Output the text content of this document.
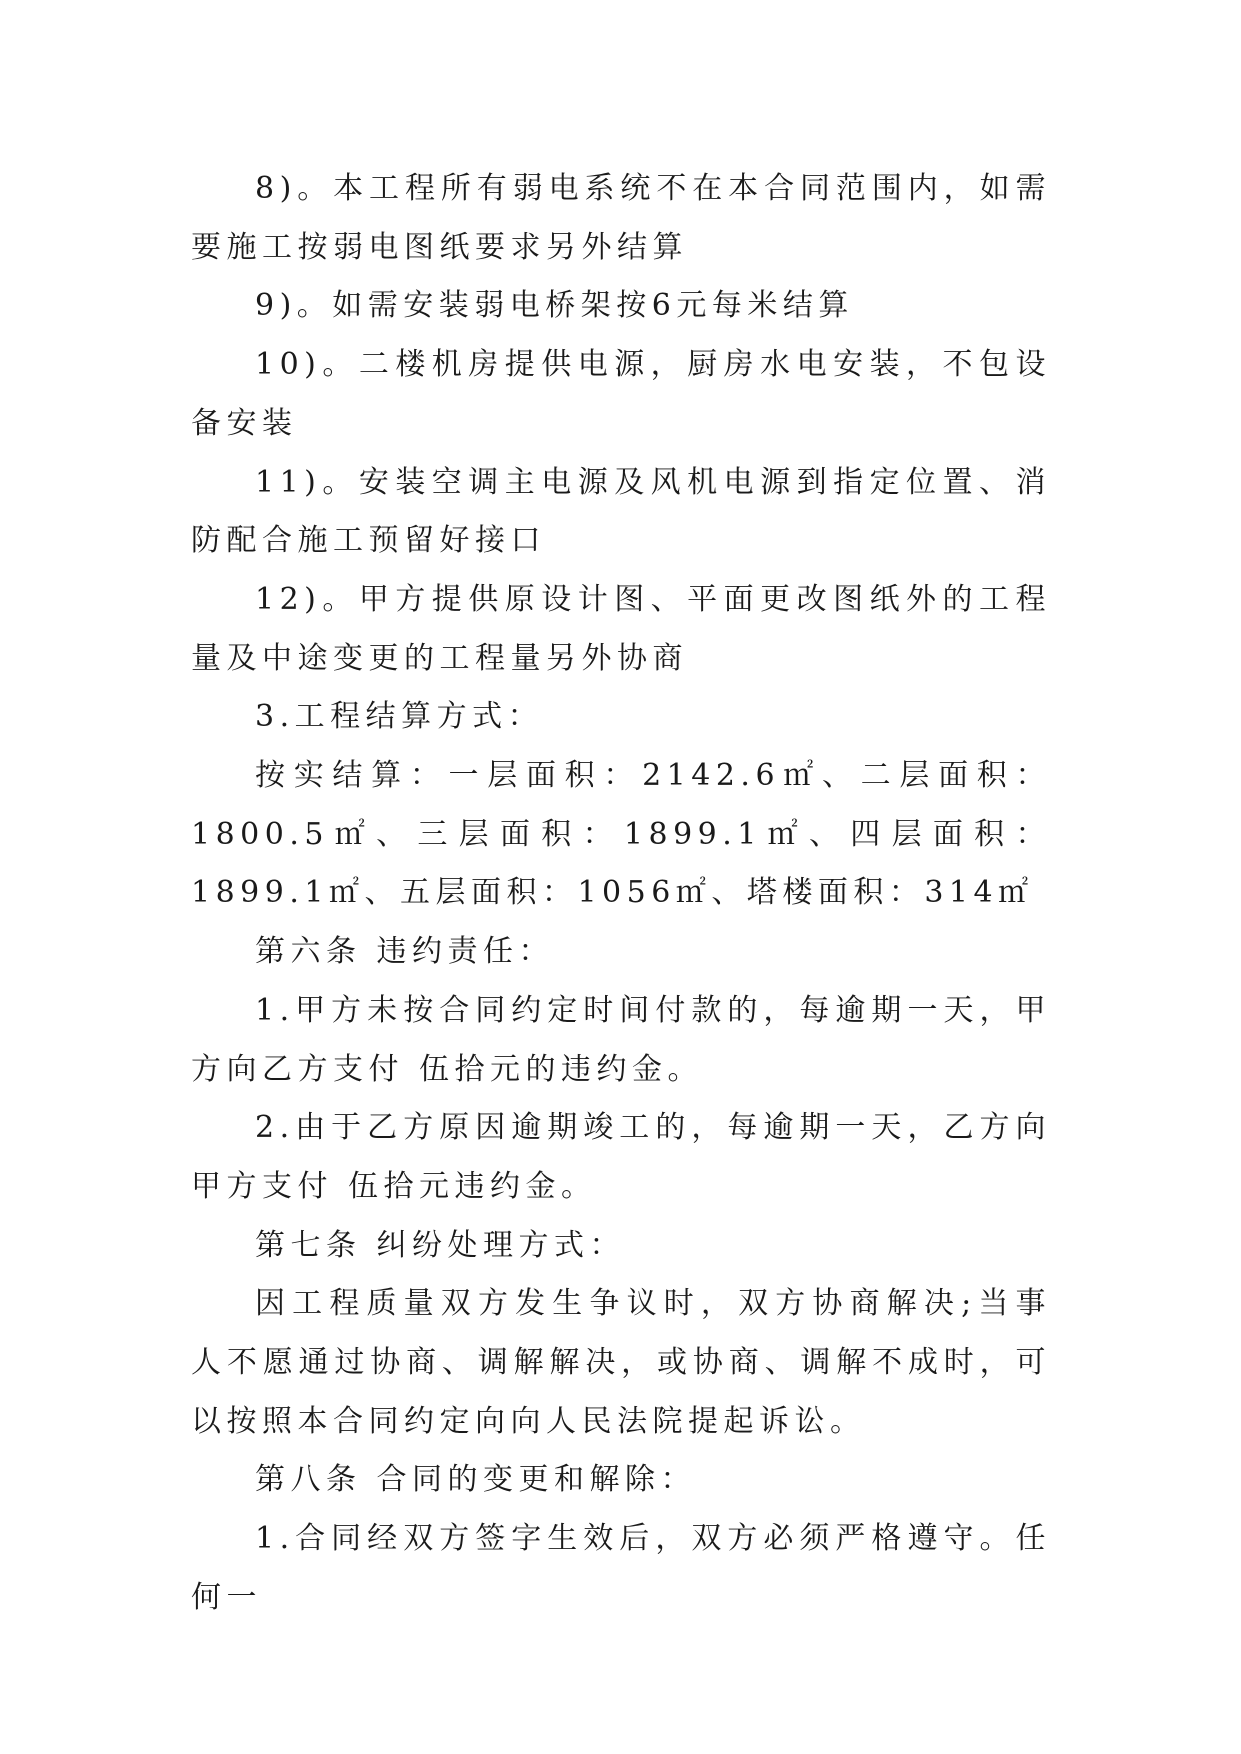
8)。本工程所有弱电系统不在本合同范围内，如需要施工按弱电图纸要求另外结算

9)。如需安装弱电桥架按6元每米结算

10)。二楼机房提供电源，厨房水电安装，不包设备安装

11)。安装空调主电源及风机电源到指定位置、消防配合施工预留好接口

12)。甲方提供原设计图、平面更改图纸外的工程量及中途变更的工程量另外协商

3.工程结算方式：

按实结算：一层面积：2142.6㎡、二层面积：1800.5㎡、三层面积：1899.1㎡、四层面积：1899.1㎡、五层面积：1056㎡、塔楼面积：314㎡

第六条 违约责任：

1.甲方未按合同约定时间付款的，每逾期一天，甲方向乙方支付 伍拾元的违约金。

2.由于乙方原因逾期竣工的，每逾期一天，乙方向甲方支付 伍拾元违约金。

第七条 纠纷处理方式：

因工程质量双方发生争议时，双方协商解决;当事人不愿通过协商、调解解决，或协商、调解不成时，可以按照本合同约定向向人民法院提起诉讼。

第八条 合同的变更和解除：

1.合同经双方签字生效后，双方必须严格遵守。任何一
